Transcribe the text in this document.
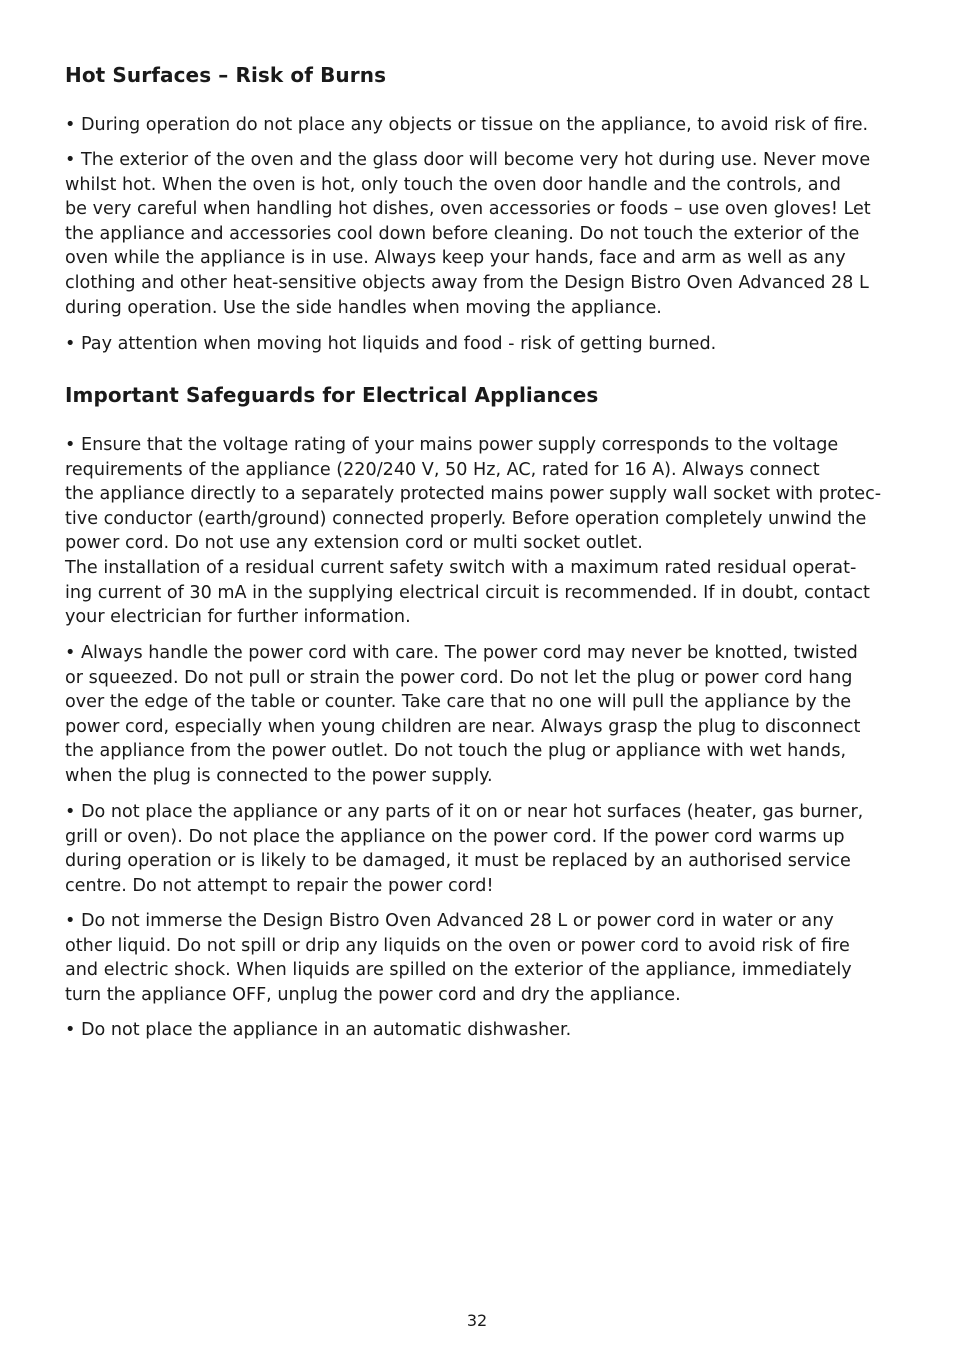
Hot Surfaces – Risk of Burns

• During operation do not place any objects or tissue on the appliance, to avoid risk of fire.

• The exterior of the oven and the glass door will become very hot during use. Never move
whilst hot. When the oven is hot, only touch the oven door handle and the controls, and
be very careful when handling hot dishes, oven accessories or foods – use oven gloves! Let
the appliance and accessories cool down before cleaning. Do not touch the exterior of the
oven while the appliance is in use. Always keep your hands, face and arm as well as any
clothing and other heat-sensitive objects away from the Design Bistro Oven Advanced 28 L
during operation. Use the side handles when moving the appliance.

• Pay attention when moving hot liquids and food - risk of getting burned.

Important Safeguards for Electrical Appliances

• Ensure that the voltage rating of your mains power supply corresponds to the voltage
requirements of the appliance (220/240 V, 50 Hz, AC, rated for 16 A). Always connect
the appliance directly to a separately protected mains power supply wall socket with protec-
tive conductor (earth/ground) connected properly. Before operation completely unwind the
power cord. Do not use any extension cord or multi socket outlet.
The installation of a residual current safety switch with a maximum rated residual operat-
ing current of 30 mA in the supplying electrical circuit is recommended. If in doubt, contact
your electrician for further information.

• Always handle the power cord with care. The power cord may never be knotted, twisted
or squeezed. Do not pull or strain the power cord. Do not let the plug or power cord hang
over the edge of the table or counter. Take care that no one will pull the appliance by the
power cord, especially when young children are near. Always grasp the plug to disconnect
the appliance from the power outlet. Do not touch the plug or appliance with wet hands,
when the plug is connected to the power supply.

• Do not place the appliance or any parts of it on or near hot surfaces (heater, gas burner,
grill or oven). Do not place the appliance on the power cord. If the power cord warms up
during operation or is likely to be damaged, it must be replaced by an authorised service
centre. Do not attempt to repair the power cord!

• Do not immerse the Design Bistro Oven Advanced 28 L or power cord in water or any
other liquid. Do not spill or drip any liquids on the oven or power cord to avoid risk of fire
and electric shock. When liquids are spilled on the exterior of the appliance, immediately
turn the appliance OFF, unplug the power cord and dry the appliance.

• Do not place the appliance in an automatic dishwasher.

32
